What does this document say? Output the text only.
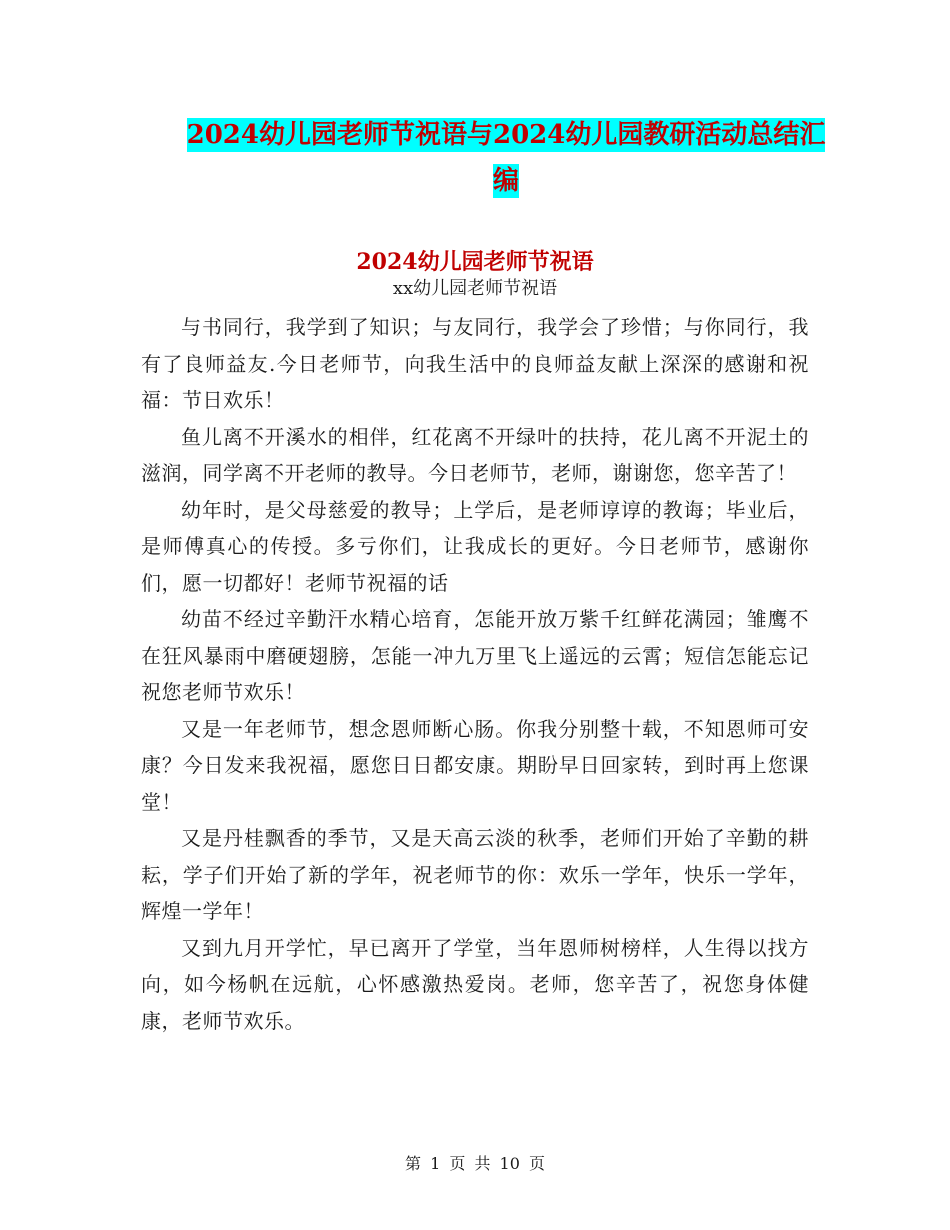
2024幼儿园老师节祝语与2024幼儿园教研活动总结汇编
2024幼儿园老师节祝语
xx幼儿园老师节祝语

与书同行，我学到了知识；与友同行，我学会了珍惜；与你同行，我有了良师益友.今日老师节，向我生活中的良师益友献上深深的感谢和祝福：节日欢乐！

鱼儿离不开溪水的相伴，红花离不开绿叶的扶持，花儿离不开泥土的滋润，同学离不开老师的教导。今日老师节，老师，谢谢您，您辛苦了！

幼年时，是父母慈爱的教导；上学后，是老师谆谆的教诲；毕业后，是师傅真心的传授。多亏你们，让我成长的更好。今日老师节，感谢你们，愿一切都好！老师节祝福的话

幼苗不经过辛勤汗水精心培育，怎能开放万紫千红鲜花满园；雏鹰不在狂风暴雨中磨硬翅膀，怎能一冲九万里飞上遥远的云霄；短信怎能忘记祝您老师节欢乐！

又是一年老师节，想念恩师断心肠。你我分别整十载，不知恩师可安康？今日发来我祝福，愿您日日都安康。期盼早日回家转，到时再上您课堂！

又是丹桂飘香的季节，又是天高云淡的秋季，老师们开始了辛勤的耕耘，学子们开始了新的学年，祝老师节的你：欢乐一学年，快乐一学年，辉煌一学年！

又到九月开学忙，早已离开了学堂，当年恩师树榜样，人生得以找方向，如今杨帆在远航，心怀感激热爱岗。老师，您辛苦了，祝您身体健康，老师节欢乐。

第 1 页 共 10 页
